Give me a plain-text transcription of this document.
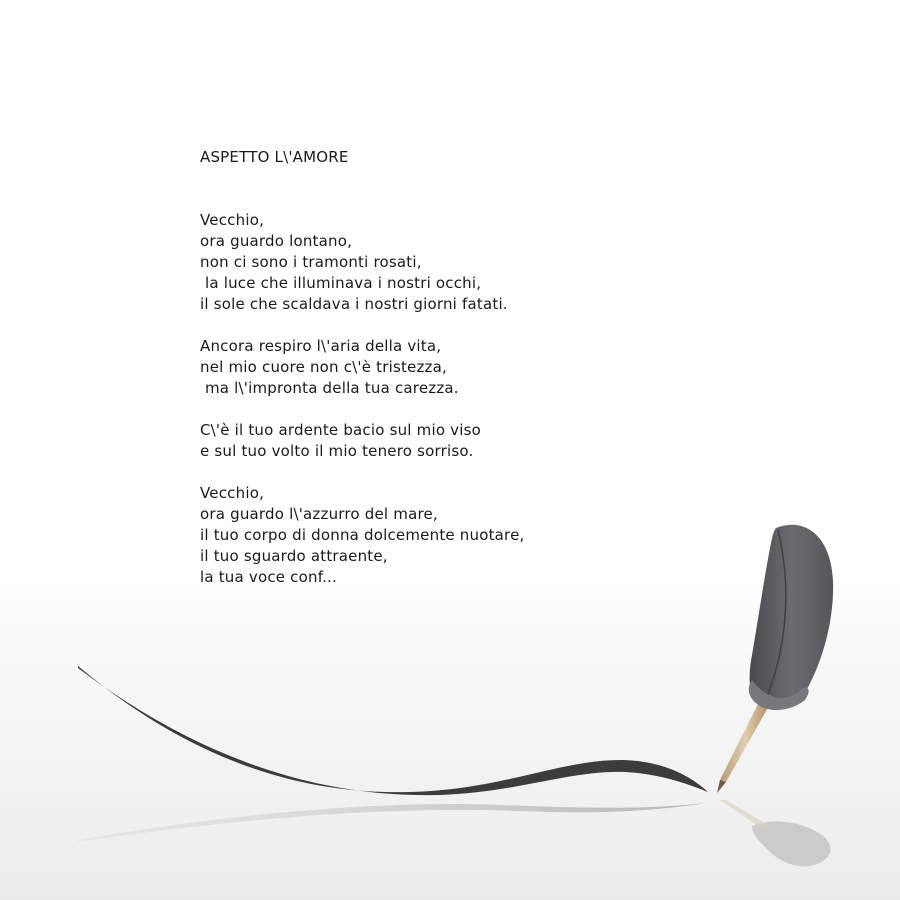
ASPETTO L\'AMORE
Vecchio,
ora guardo lontano,
non ci sono i tramonti rosati,
la luce che illuminava i nostri occhi,
il sole che scaldava i nostri giorni fatati.
Ancora respiro l\'aria della vita,
nel mio cuore non c\'è tristezza,
ma l\'impronta della tua carezza.
C\'è il tuo ardente bacio sul mio viso
e sul tuo volto il mio tenero sorriso.
Vecchio,
ora guardo l\'azzurro del mare,
il tuo corpo di donna dolcemente nuotare,
il tuo sguardo attraente,
la tua voce conf...
